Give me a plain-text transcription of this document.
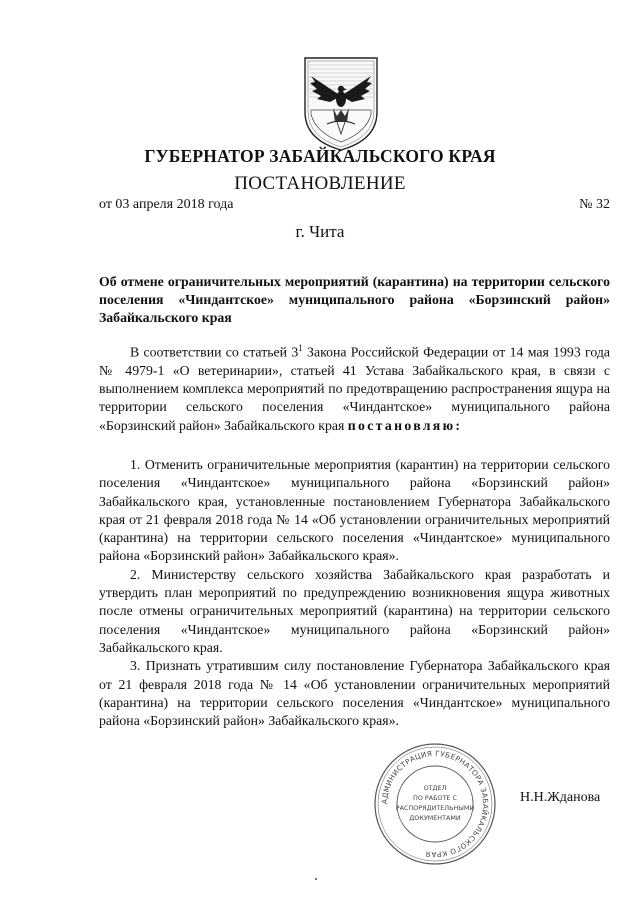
ГУБЕРНАТОР ЗАБАЙКАЛЬСКОГО КРАЯ
ПОСТАНОВЛЕНИЕ
от 03 апреля 2018 года	№ 32
г. Чита
Об отмене ограничительных мероприятий (карантина) на территории сельского поселения «Чиндантское» муниципального района «Борзинский район» Забайкальского края

В соответствии со статьей $3^1$ Закона Российской Федерации от 14 мая 1993 года № 4979-1 «О ветеринарии», статьей 41 Устава Забайкальского края, в связи с выполнением комплекса мероприятий по предотвращению распространения ящура на территории сельского поселения «Чиндантское» муниципального района «Борзинский район» Забайкальского края постановляю:

1. Отменить ограничительные мероприятия (карантин) на территории сельского поселения «Чиндантское» муниципального района «Борзинский район» Забайкальского края, установленные постановлением Губернатора Забайкальского края от 21 февраля 2018 года № 14 «Об установлении ограничительных мероприятий (карантина) на территории сельского поселения «Чиндантское» муниципального района «Борзинский район» Забайкальского края».

2. Министерству сельского хозяйства Забайкальского края разработать и утвердить план мероприятий по предупреждению возникновения ящура животных после отмены ограничительных мероприятий (карантина) на территории сельского поселения «Чиндантское» муниципального района «Борзинский район» Забайкальского края.

3. Признать утратившим силу постановление Губернатора Забайкальского края от 21 февраля 2018 года № 14 «Об установлении ограничительных мероприятий (карантина) на территории сельского поселения «Чиндантское» муниципального района «Борзинский район» Забайкальского края».

АДМИНИСТРАЦИЯ ГУБЕРНАТОРА ЗАБАЙКАЛЬСКОГО КРАЯ
ОТДЕЛ
ПО РАБОТЕ С
РАСПОРЯДИТЕЛЬНЫМИ
ДОКУМЕНТАМИ
Н.Н.Жданова
